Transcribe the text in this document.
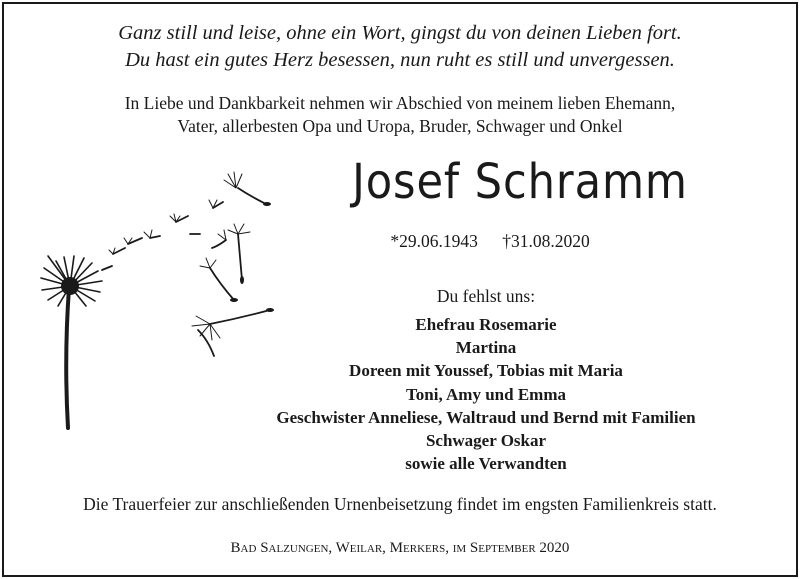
Ganz still und leise, ohne ein Wort, gingst du von deinen Lieben fort.
Du hast ein gutes Herz besessen, nun ruht es still und unvergessen.
In Liebe und Dankbarkeit nehmen wir Abschied von meinem lieben Ehemann,
Vater, allerbesten Opa und Uropa, Bruder, Schwager und Onkel
Josef Schramm
*29.06.1943 †31.08.2020
Du fehlst uns:
Ehefrau Rosemarie
Martina
Doreen mit Youssef, Tobias mit Maria
Toni, Amy und Emma
Geschwister Anneliese, Waltraud und Bernd mit Familien
Schwager Oskar
sowie alle Verwandten
Die Trauerfeier zur anschließenden Urnenbeisetzung findet im engsten Familienkreis statt.
Bad Salzungen, Weilar, Merkers, im September 2020
